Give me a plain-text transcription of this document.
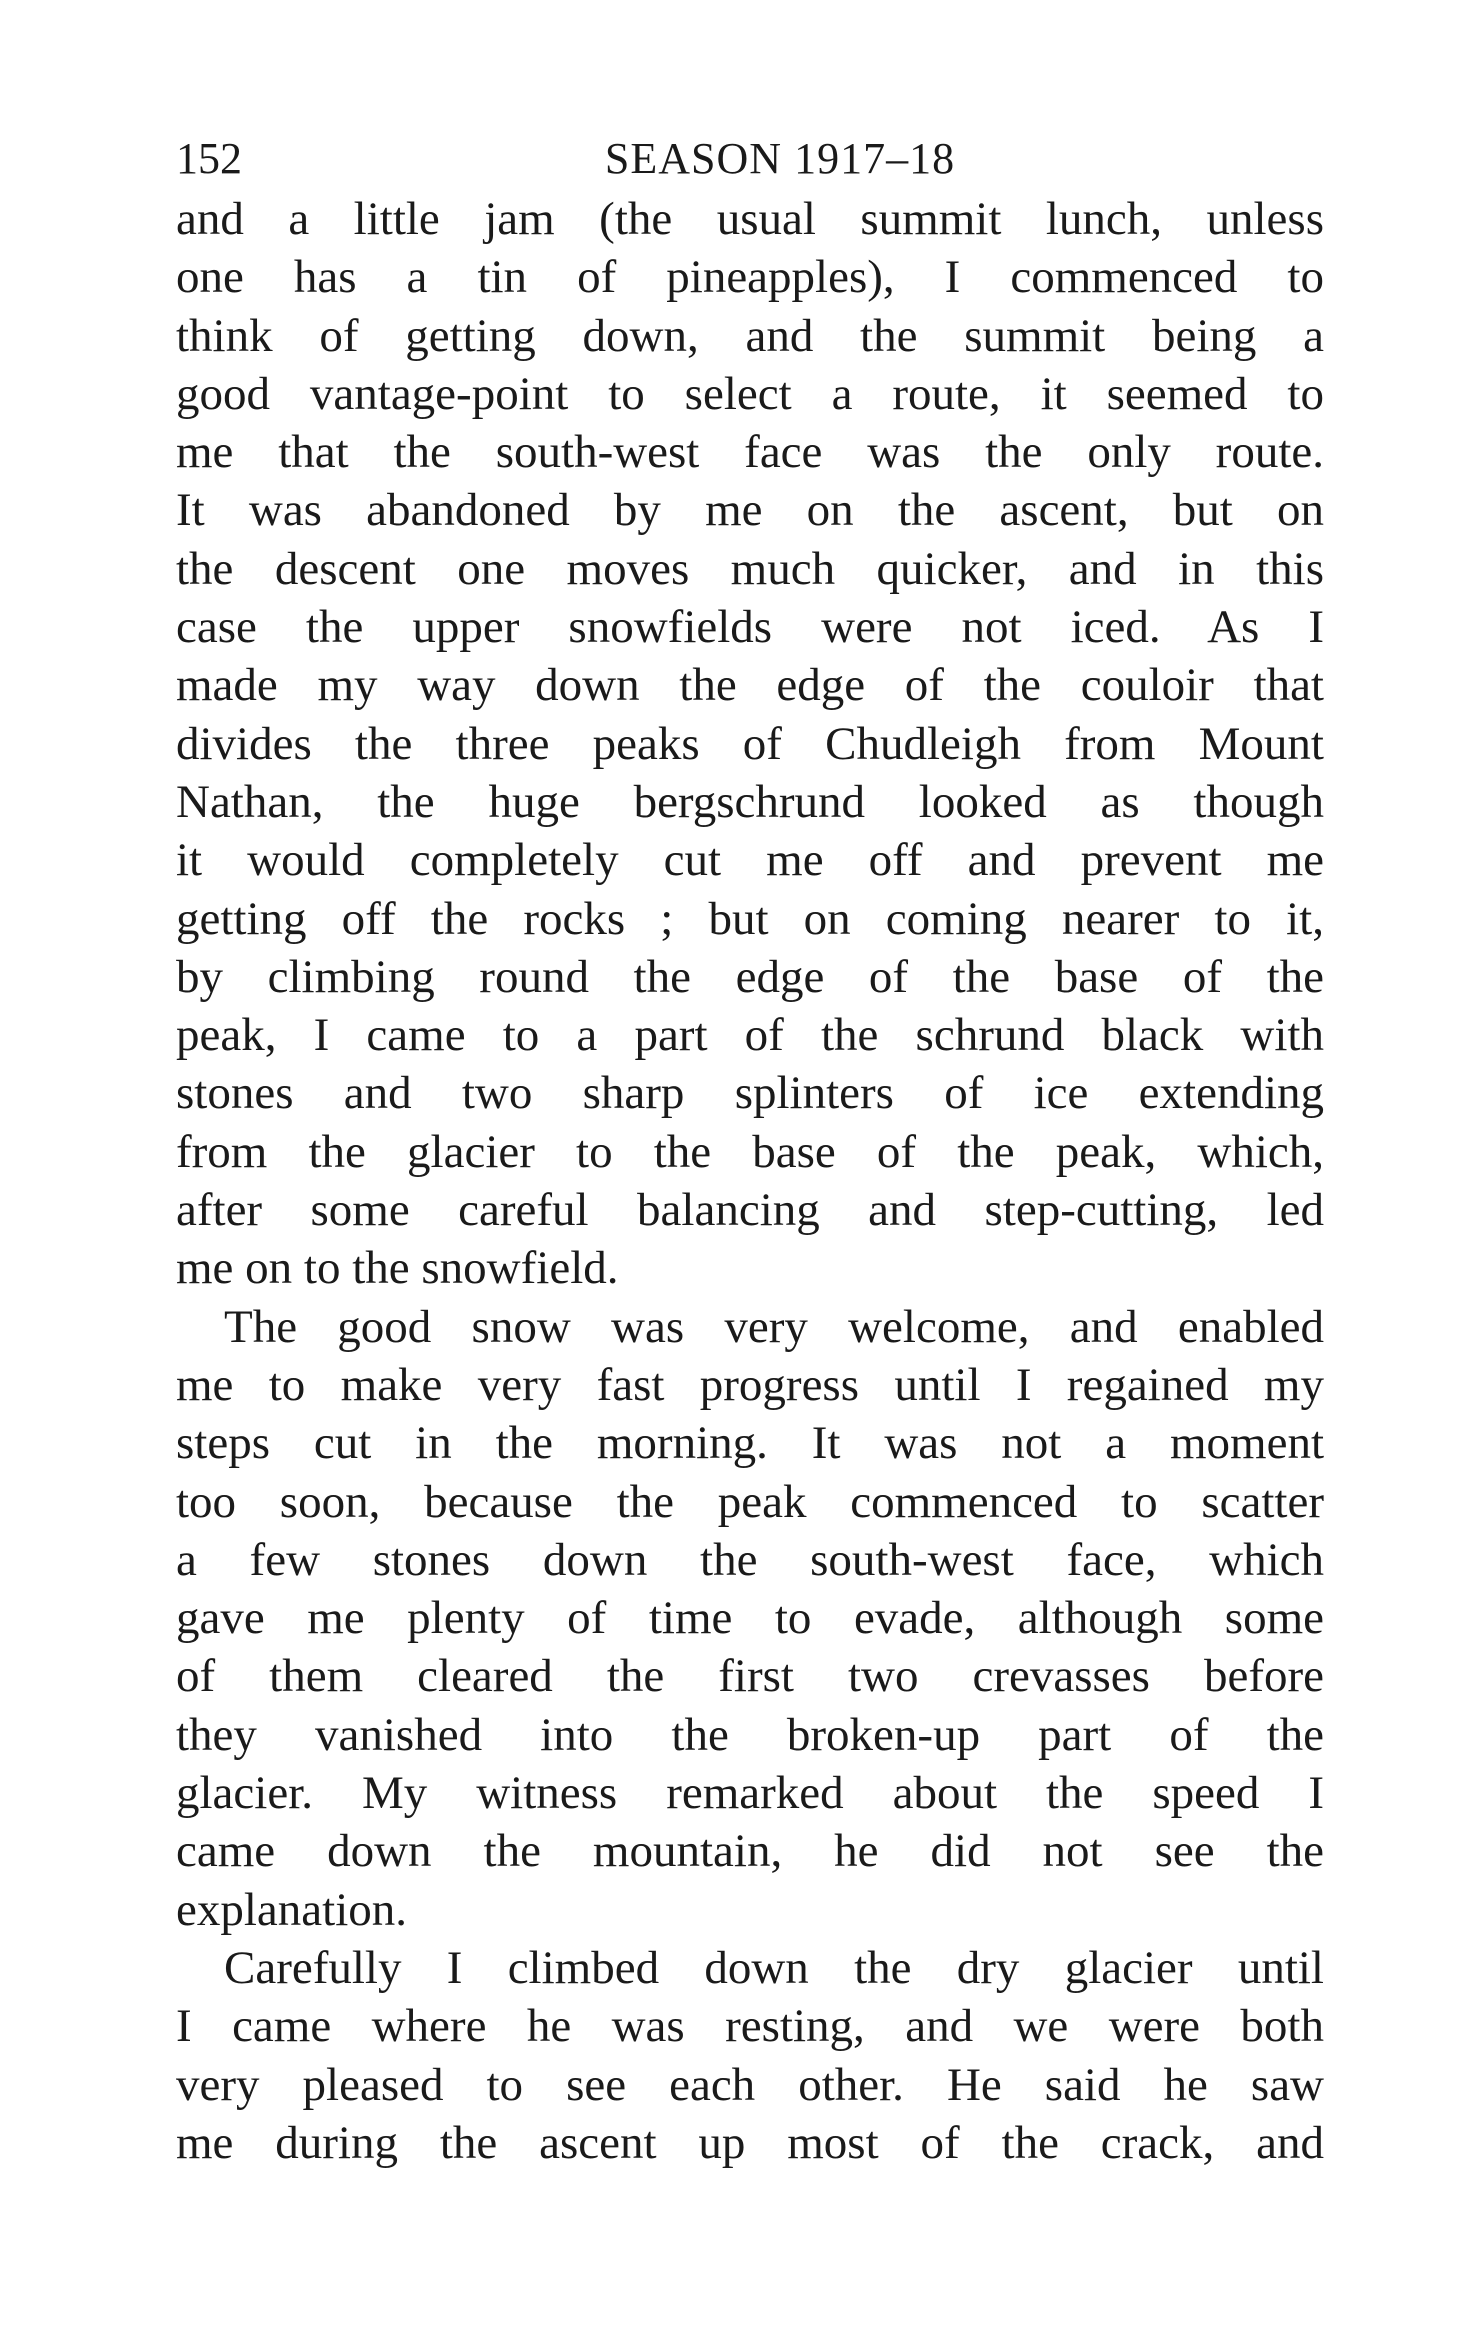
152	SEASON 1917–18
and a little jam (the usual summit lunch, unless
one has a tin of pineapples), I commenced to
think of getting down, and the summit being a
good vantage-point to select a route, it seemed to
me that the south-west face was the only route.
It was abandoned by me on the ascent, but on
the descent one moves much quicker, and in this
case the upper snowfields were not iced. As I
made my way down the edge of the couloir that
divides the three peaks of Chudleigh from Mount
Nathan, the huge bergschrund looked as though
it would completely cut me off and prevent me
getting off the rocks ; but on coming nearer to it,
by climbing round the edge of the base of the
peak, I came to a part of the schrund black with
stones and two sharp splinters of ice extending
from the glacier to the base of the peak, which,
after some careful balancing and step-cutting, led
me on to the snowfield.
The good snow was very welcome, and enabled
me to make very fast progress until I regained my
steps cut in the morning. It was not a moment
too soon, because the peak commenced to scatter
a few stones down the south-west face, which
gave me plenty of time to evade, although some
of them cleared the first two crevasses before
they vanished into the broken-up part of the
glacier. My witness remarked about the speed I
came down the mountain, he did not see the
explanation.
Carefully I climbed down the dry glacier until
I came where he was resting, and we were both
very pleased to see each other. He said he saw
me during the ascent up most of the crack, and
